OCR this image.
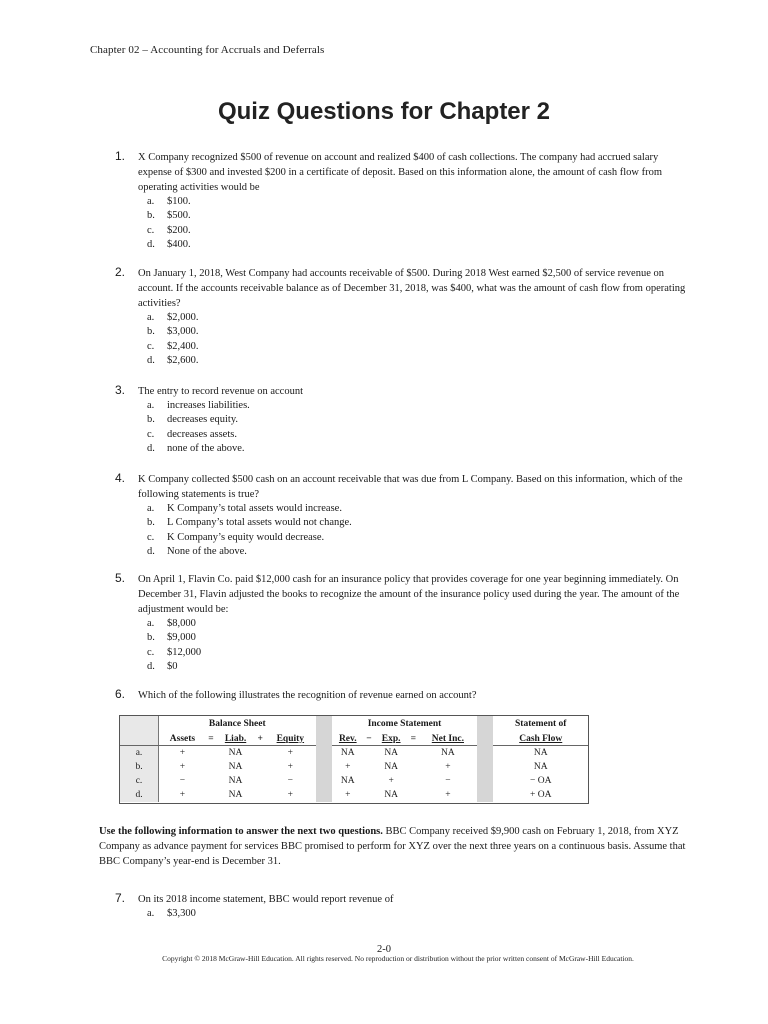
Chapter 02 – Accounting for Accruals and Deferrals
Quiz Questions for Chapter 2
1. X Company recognized $500 of revenue on account and realized $400 of cash collections. The company had accrued salary expense of $300 and invested $200 in a certificate of deposit. Based on this information alone, the amount of cash flow from operating activities would be
a.	$100.
b.	$500.
c.	$200.
d.	$400.
2. On January 1, 2018, West Company had accounts receivable of $500. During 2018 West earned $2,500 of service revenue on account. If the accounts receivable balance as of December 31, 2018, was $400, what was the amount of cash flow from operating activities?
a.	$2,000.
b.	$3,000.
c.	$2,400.
d.	$2,600.
3. The entry to record revenue on account
a.	increases liabilities.
b.	decreases equity.
c.	decreases assets.
d.	none of the above.
4. K Company collected $500 cash on an account receivable that was due from L Company. Based on this information, which of the following statements is true?
a.	K Company’s total assets would increase.
b.	L Company’s total assets would not change.
c.	K Company’s equity would decrease.
d.	None of the above.
5. On April 1, Flavin Co. paid $12,000 cash for an insurance policy that provides coverage for one year beginning immediately. On December 31, Flavin adjusted the books to recognize the amount of the insurance policy used during the year. The amount of the adjustment would be:
a.	$8,000
b.	$9,000
c.	$12,000
d.	$0
6. Which of the following illustrates the recognition of revenue earned on account?
	Balance Sheet						Income Statement						Statement of
	Assets	=	Liab.	+	Equity		Rev.	−	Exp.	=	Net Inc.		Cash Flow
a.	+		NA		+		NA		NA		NA		NA
b.	+		NA		+		+		NA		+		NA
c.	−		NA		−		NA		+		−		− OA
d.	+		NA		+		+		NA		+		+ OA
Use the following information to answer the next two questions. BBC Company received $9,900 cash on February 1, 2018, from XYZ Company as advance payment for services BBC promised to perform for XYZ over the next three years on a continuous basis. Assume that BBC Company’s year-end is December 31.
7. On its 2018 income statement, BBC would report revenue of
a.	$3,300
2-0
Copyright © 2018 McGraw-Hill Education. All rights reserved. No reproduction or distribution without the prior written consent of McGraw-Hill Education.
